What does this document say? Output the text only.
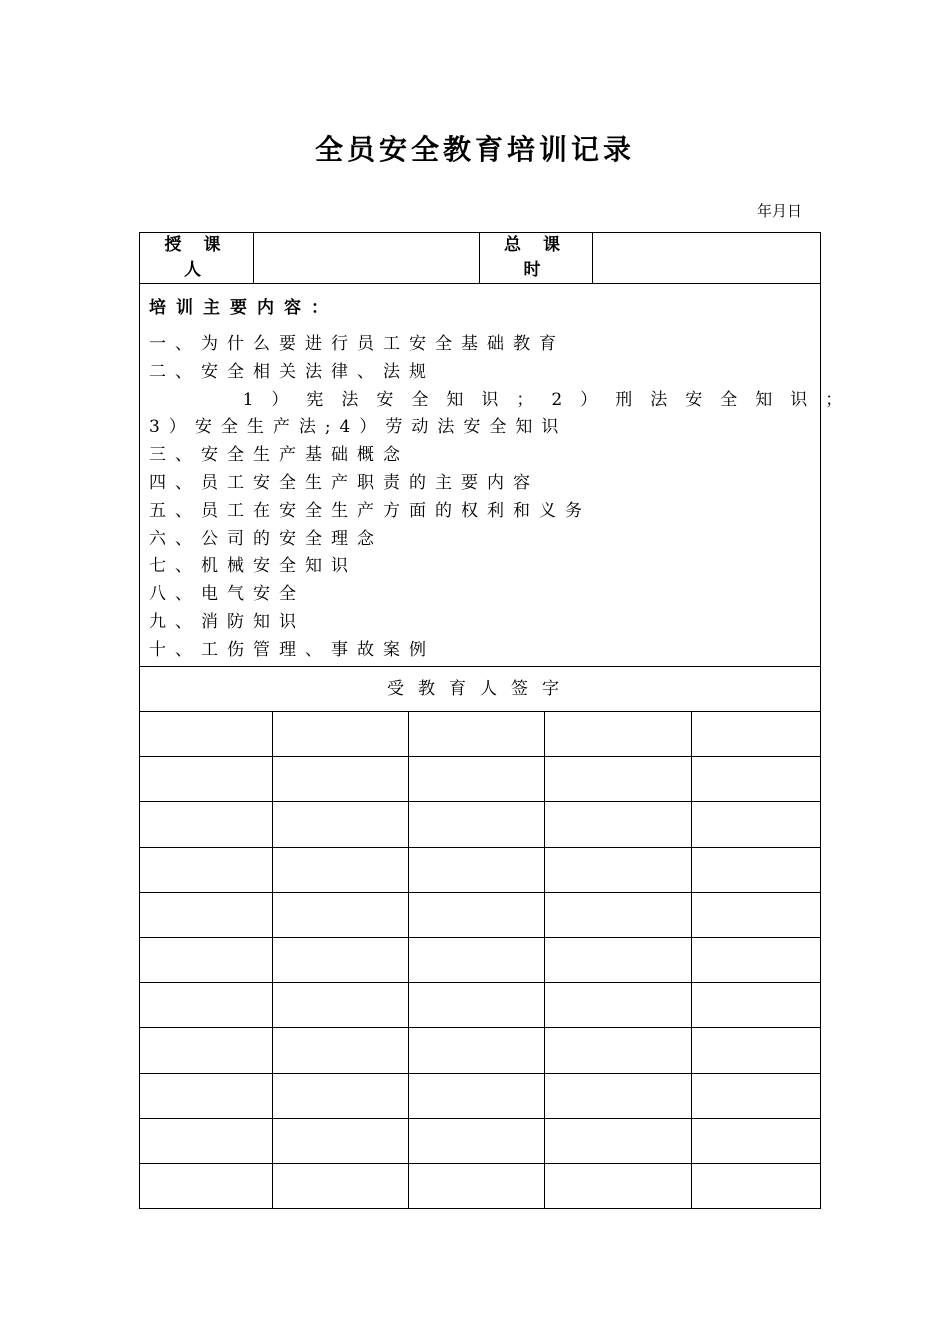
全员安全教育培训记录
年月日
授 课
人
总 课
时
培训主要内容：
一、为什么要进行员工安全基础教育
二、安全相关法律、法规
1）宪法安全知识；2）刑法安全知识；
3）安全生产法;4）劳动法安全知识
三、安全生产基础概念
四、员工安全生产职责的主要内容
五、员工在安全生产方面的权利和义务
六、公司的安全理念
七、机械安全知识
八、电气安全
九、消防知识
十、工伤管理、事故案例
受教育人签字
